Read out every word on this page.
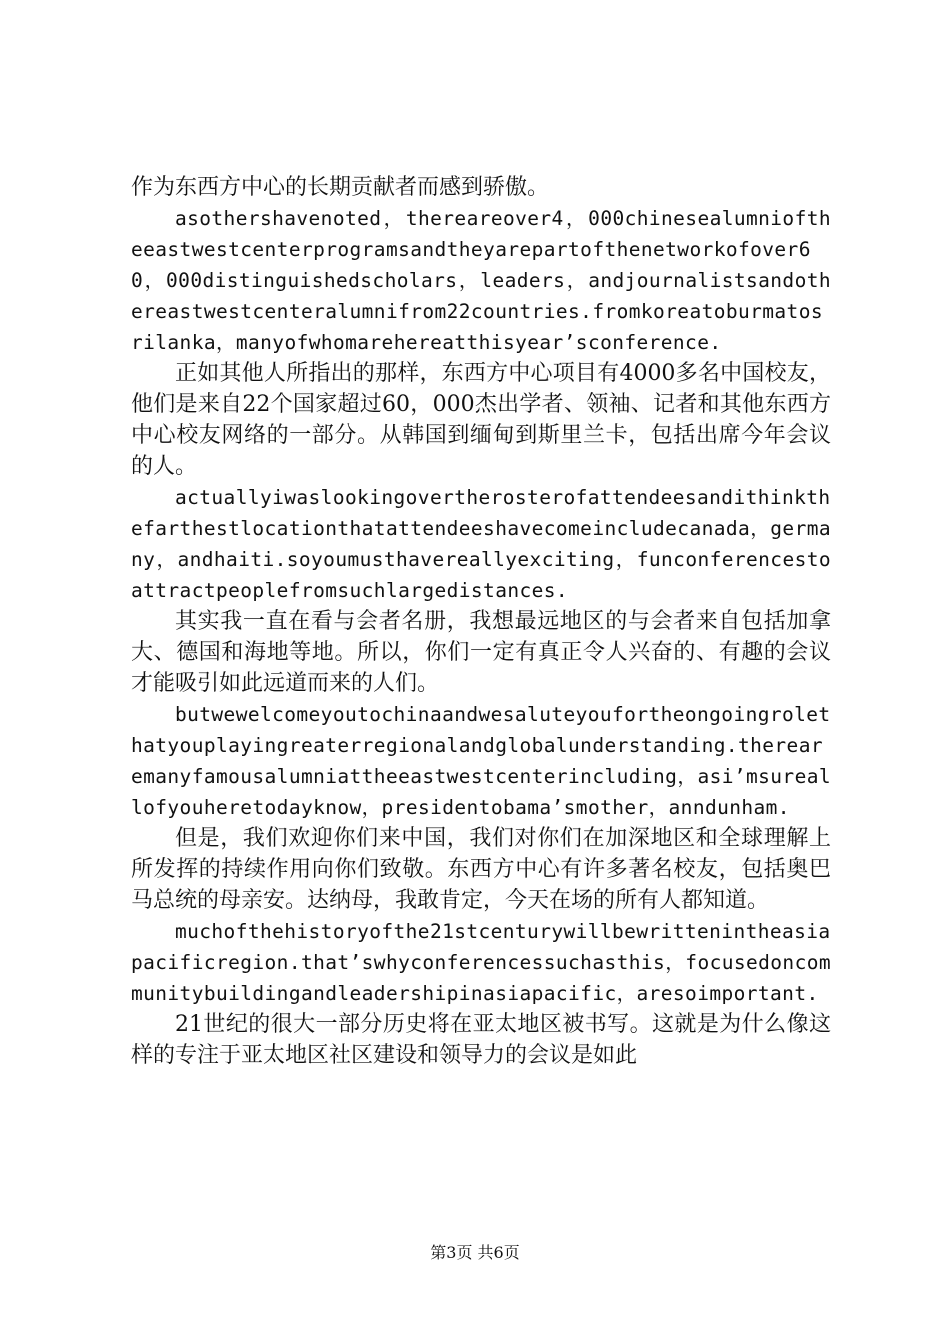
作为东西方中心的长期贡献者而感到骄傲。

asothershavenoted，thereareover4，000chinesealumnioftheeastwestcenterprogramsandtheyarepartofthenetworkofover60，000distinguishedscholars，leaders，andjournalistsandothereastwestcenteralumnifrom22countries.fromkoreatoburmatosrilanka，manyofwhomarehereatthisyear’sconference.

正如其他人所指出的那样，东西方中心项目有4000多名中国校友，他们是来自22个国家超过60，000杰出学者、领袖、记者和其他东西方中心校友网络的一部分。从韩国到缅甸到斯里兰卡，包括出席今年会议的人。

actuallyiwaslookingovertherosterofattendeesandithinkthefarthestlocationthatattendeeshavecomeincludecanada，germany，andhaiti.soyoumusthavereallyexciting，funconferencestoattractpeoplefromsuchlargedistances.

其实我一直在看与会者名册，我想最远地区的与会者来自包括加拿大、德国和海地等地。所以，你们一定有真正令人兴奋的、有趣的会议才能吸引如此远道而来的人们。

butwewelcomeyoutochinaandwesaluteyoufortheongoingrolethatyouplayingreaterregionalandglobalunderstanding.therearemanyfamousalumniattheeastwestcenterincluding，asi’msureallofyouheretodayknow，presidentobama’smother，anndunham.

但是，我们欢迎你们来中国，我们对你们在加深地区和全球理解上所发挥的持续作用向你们致敬。东西方中心有许多著名校友，包括奥巴马总统的母亲安。达纳母，我敢肯定，今天在场的所有人都知道。

muchofthehistoryofthe21stcenturywillbewrittenintheasiapacificregion.that’swhyconferencessuchasthis，focusedoncommunitybuildingandleadershipinasiapacific，aresoimportant.

21世纪的很大一部分历史将在亚太地区被书写。这就是为什么像这样的专注于亚太地区社区建设和领导力的会议是如此

第3页 共6页
